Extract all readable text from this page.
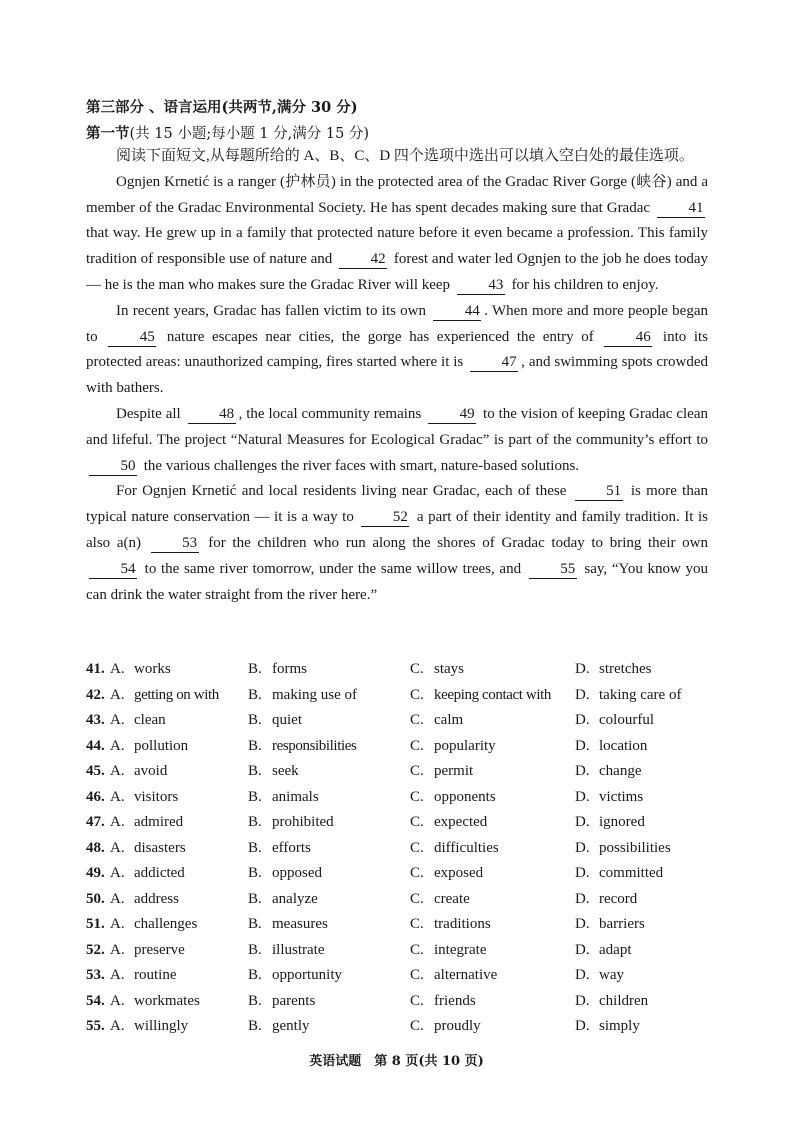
第三部分 、语言运用(共两节,满分 30 分)
第一节(共 15 小题;每小题 1 分,满分 15 分)

阅读下面短文,从每题所给的 A、B、C、D 四个选项中选出可以填入空白处的最佳选项。

Ognjen Krnetić is a ranger (护林员) in the protected area of the Gradac River Gorge (峡谷) and a member of the Gradac Environmental Society. He has spent decades making sure that Gradac 41 that way. He grew up in a family that protected nature before it even became a profession. This family tradition of responsible use of nature and 42 forest and water led Ognjen to the job he does today — he is the man who makes sure the Gradac River will keep 43 for his children to enjoy.

In recent years, Gradac has fallen victim to its own 44 . When more and more people began to 45 nature escapes near cities, the gorge has experienced the entry of 46 into its protected areas: unauthorized camping, fires started where it is 47 , and swimming spots crowded with bathers.

Despite all 48 , the local community remains 49 to the vision of keeping Gradac clean and lifeful. The project “Natural Measures for Ecological Gradac” is part of the community’s effort to 50 the various challenges the river faces with smart, nature-based solutions.

For Ognjen Krnetić and local residents living near Gradac, each of these 51 is more than typical nature conservation — it is a way to 52 a part of their identity and family tradition. It is also a(n) 53 for the children who run along the shores of Gradac today to bring their own 54 to the same river tomorrow, under the same willow trees, and 55 say, “You know you can drink the water straight from the river here.”

41. A. works	B. forms	C. stays	D. stretches
42. A. getting on with B. making use of	C. keeping contact with D. taking care of
43. A. clean	B. quiet	C. calm	D. colourful
44. A. pollution	B. responsibilities	C. popularity	D. location
45. A. avoid	B. seek	C. permit	D. change
46. A. visitors	B. animals	C. opponents	D. victims
47. A. admired	B. prohibited	C. expected	D. ignored
48. A. disasters	B. efforts	C. difficulties	D. possibilities
49. A. addicted	B. opposed	C. exposed	D. committed
50. A. address	B. analyze	C. create	D. record
51. A. challenges	B. measures	C. traditions	D. barriers
52. A. preserve	B. illustrate	C. integrate	D. adapt
53. A. routine	B. opportunity	C. alternative	D. way
54. A. workmates	B. parents	C. friends	D. children
55. A. willingly	B. gently	C. proudly	D. simply
英语试题　第 8 页(共 10 页)
